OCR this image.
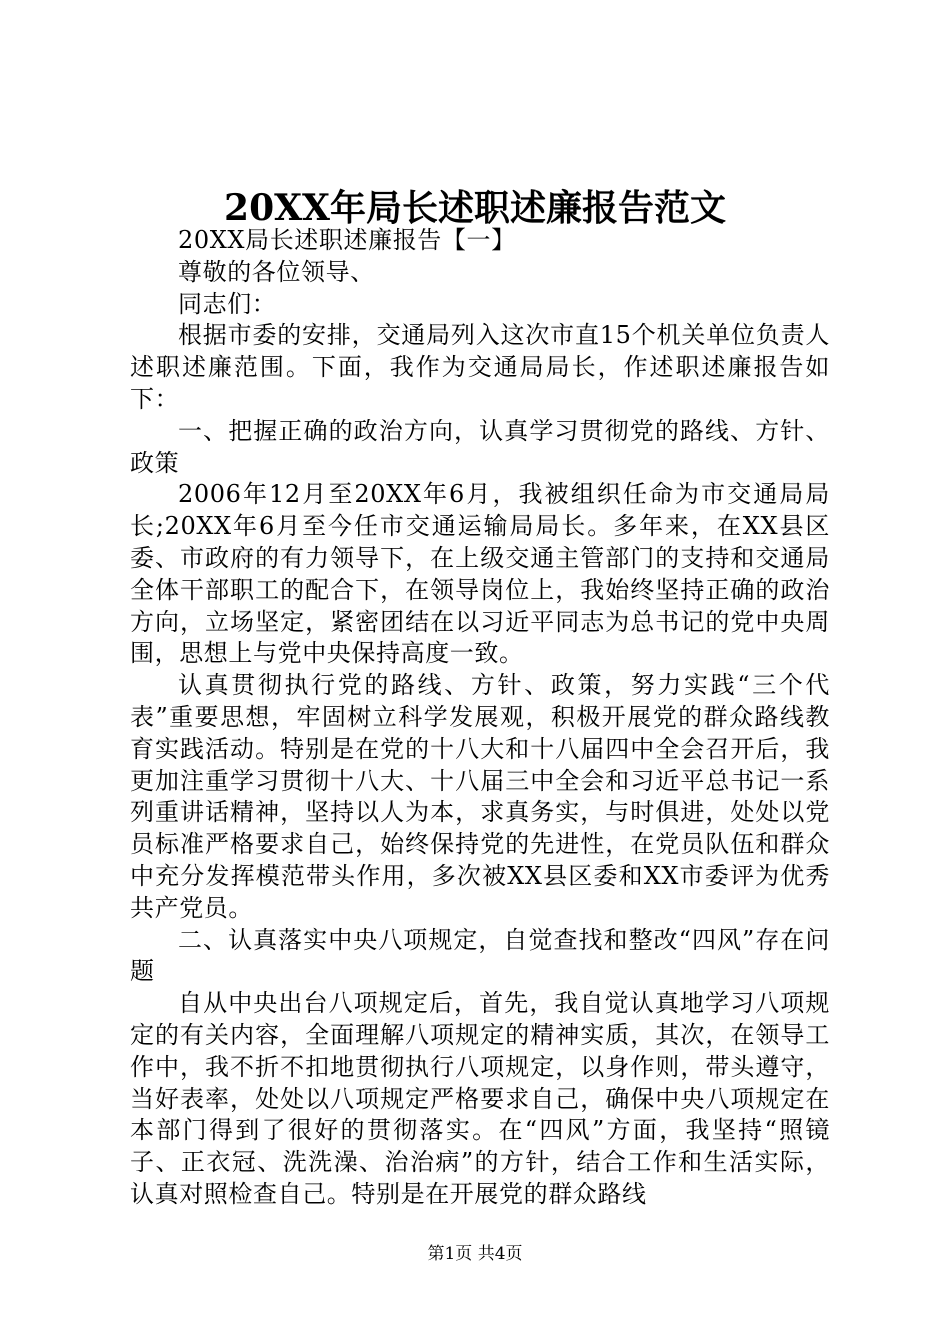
20XX年局长述职述廉报告范文

20XX局长述职述廉报告【一】

尊敬的各位领导、

同志们：

根据市委的安排，交通局列入这次市直15个机关单位负责人述职述廉范围。下面，我作为交通局局长，作述职述廉报告如下：

一、把握正确的政治方向，认真学习贯彻党的路线、方针、政策

2006年12月至20XX年6月，我被组织任命为市交通局局长;20XX年6月至今任市交通运输局局长。多年来，在XX县区委、市政府的有力领导下，在上级交通主管部门的支持和交通局全体干部职工的配合下，在领导岗位上，我始终坚持正确的政治方向，立场坚定，紧密团结在以习近平同志为总书记的党中央周围，思想上与党中央保持高度一致。

认真贯彻执行党的路线、方针、政策，努力实践“三个代表”重要思想，牢固树立科学发展观，积极开展党的群众路线教育实践活动。特别是在党的十八大和十八届四中全会召开后，我更加注重学习贯彻十八大、十八届三中全会和习近平总书记一系列重讲话精神，坚持以人为本，求真务实，与时俱进，处处以党员标准严格要求自己，始终保持党的先进性，在党员队伍和群众中充分发挥模范带头作用，多次被XX县区委和XX市委评为优秀共产党员。

二、认真落实中央八项规定，自觉查找和整改“四风”存在问题

自从中央出台八项规定后，首先，我自觉认真地学习八项规定的有关内容，全面理解八项规定的精神实质，其次，在领导工作中，我不折不扣地贯彻执行八项规定，以身作则，带头遵守，当好表率，处处以八项规定严格要求自己，确保中央八项规定在本部门得到了很好的贯彻落实。在“四风”方面，我坚持“照镜子、正衣冠、洗洗澡、治治病”的方针，结合工作和生活实际，认真对照检查自己。特别是在开展党的群众路线

第1页 共4页
